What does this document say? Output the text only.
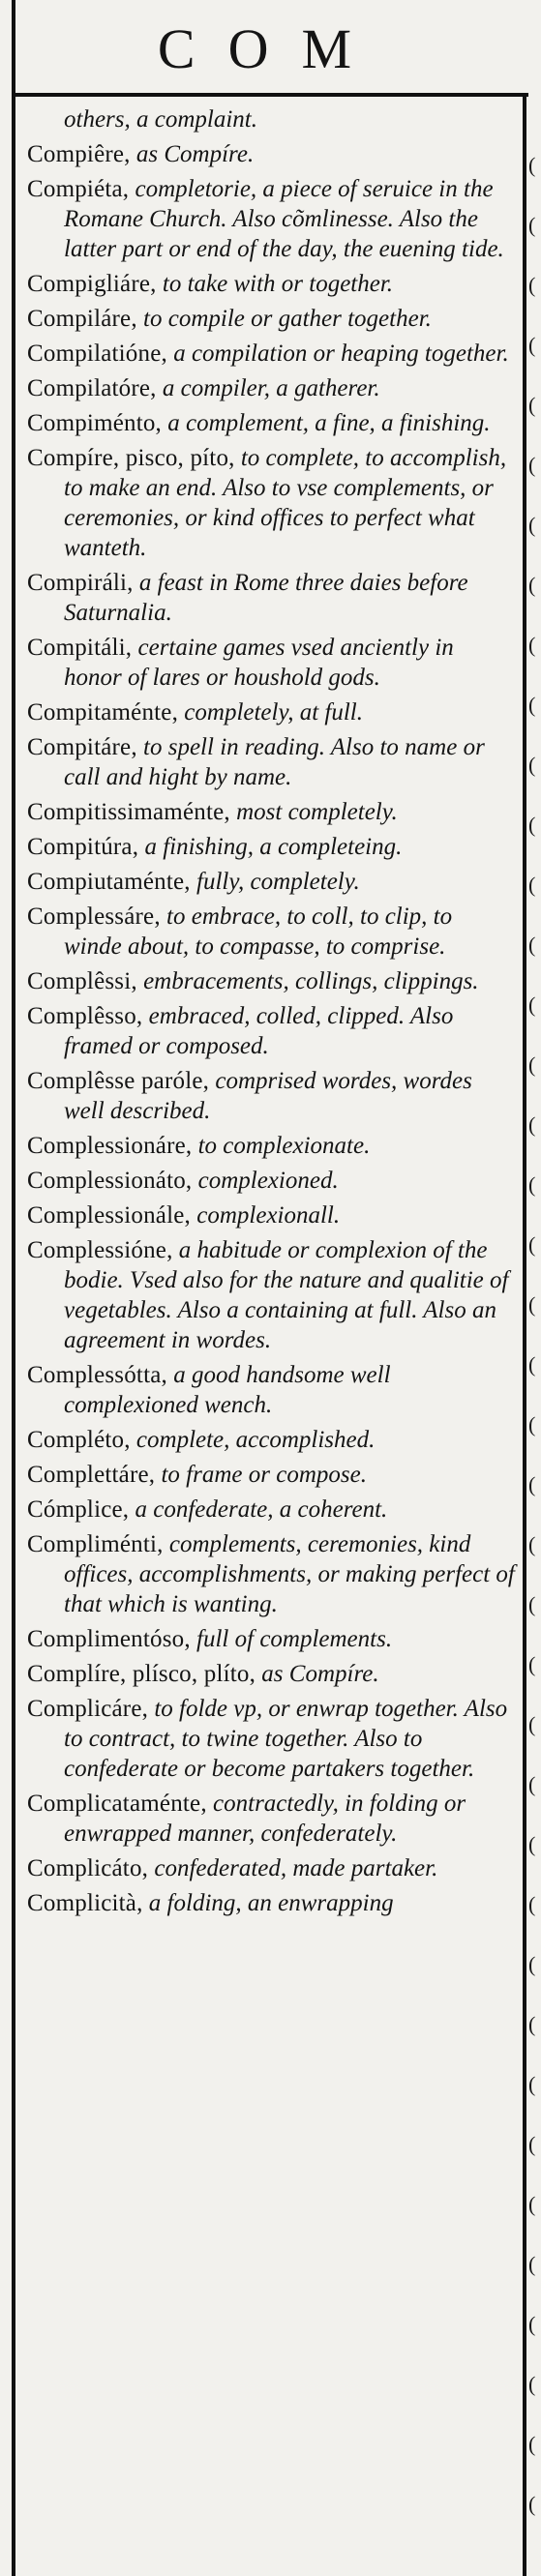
COM

others, a complaint.

Compiêre, as Compíre.

Compiéta, completorie, a piece of seruice in the Romane Church. Also cõmlinesse. Also the latter part or end of the day, the euening tide.

Compigliáre, to take with or together.

Compiláre, to compile or gather together.

Compilatióne, a compilation or heaping together.

Compilatóre, a compiler, a gatherer.

Compiménto, a complement, a fine, a finishing.

Compíre, pisco, píto, to complete, to accomplish, to make an end. Also to vse complements, or ceremonies, or kind offices to perfect what wanteth.

Compiráli, a feast in Rome three daies before Saturnalia.

Compitáli, certaine games vsed anciently in honor of lares or houshold gods.

Compitaménte, completely, at full.

Compitáre, to spell in reading. Also to name or call and hight by name.

Compitissimaménte, most completely.

Compitúra, a finishing, a completeing.

Compiutaménte, fully, completely.

Complessáre, to embrace, to coll, to clip, to winde about, to compasse, to comprise.

Complêssi, embracements, collings, clippings.

Complêsso, embraced, colled, clipped. Also framed or composed.

Complêsse paróle, comprised wordes, wordes well described.

Complessionáre, to complexionate.

Complessionáto, complexioned.

Complessionále, complexionall.

Complessióne, a habitude or complexion of the bodie. Vsed also for the nature and qualitie of vegetables. Also a containing at full. Also an agreement in wordes.

Complessótta, a good handsome well complexioned wench.

Compléto, complete, accomplished.

Complettáre, to frame or compose.

Cómplice, a confederate, a coherent.

Compliménti, complements, ceremonies, kind offices, accomplishments, or making perfect of that which is wanting.

Complimentóso, full of complements.

Complíre, plísco, plíto, as Compíre.

Complicáre, to folde vp, or enwrap together. Also to contract, to twine together. Also to confederate or become partakers together.

Complicataménte, contractedly, in folding or enwrapped manner, confederately.

Complicáto, confederated, made partaker.

Complicità, a folding, an enwrapping

(
(
(
(
(
(
(
(
(
(
(
(
(
(
(
(
(
(
(
(
(
(
(
(
(
(
(
(
(
(
(
(
(
(
(
(
(
(
(
(
